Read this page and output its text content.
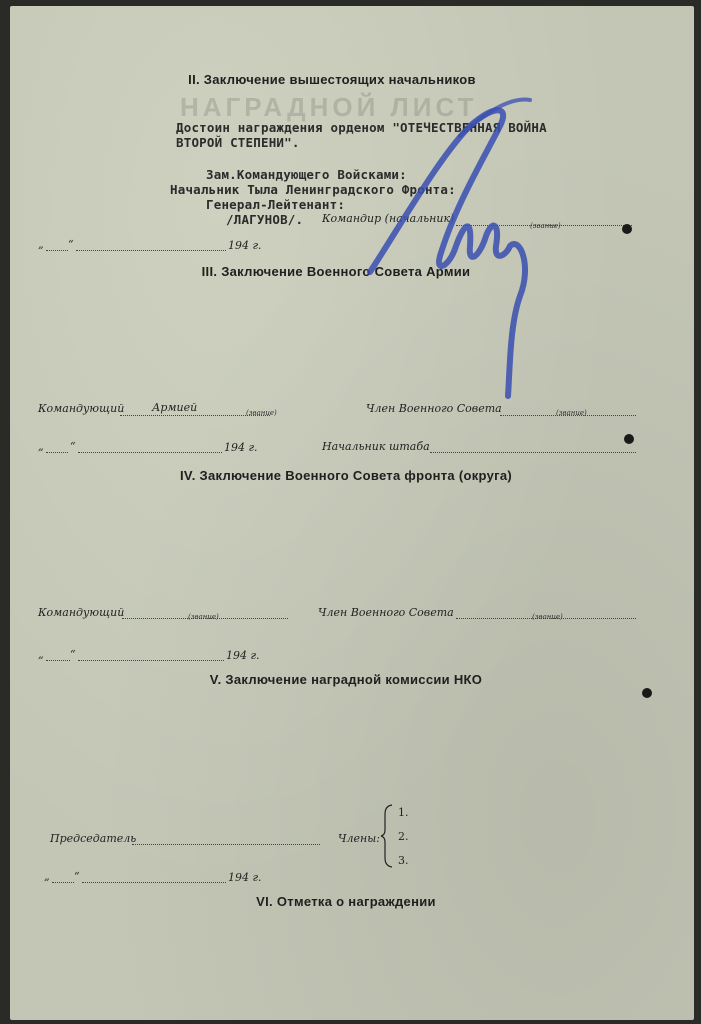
НАГРАДНОЙ ЛИСТ
II. Заключение вышестоящих начальников
Достоин награждения орденом "ОТЕЧЕСТВЕННАЯ ВОЙНА
ВТОРОЙ СТЕПЕНИ".
Зам.Командующего Войсками:
Начальник Тыла Ленинградского Фронта:
Генерал-Лейтенант:
/ЛАГУНОВ/. Командир (начальник)
(звание)
„ “	194 г.
III. Заключение Военного Совета Армии
Командующий	Армией	(звание)	Член Военного Совета	(звание)
„ “	194 г.	Начальник штаба
IV. Заключение Военного Совета фронта (округа)
Командующий	(звание)	Член Военного Совета	(звание)
„ “	194 г.
V. Заключение наградной комиссии НКО
Председатель	Члены:
1.
2.
3.
„ “	194 г.
VI. Отметка о награждении
